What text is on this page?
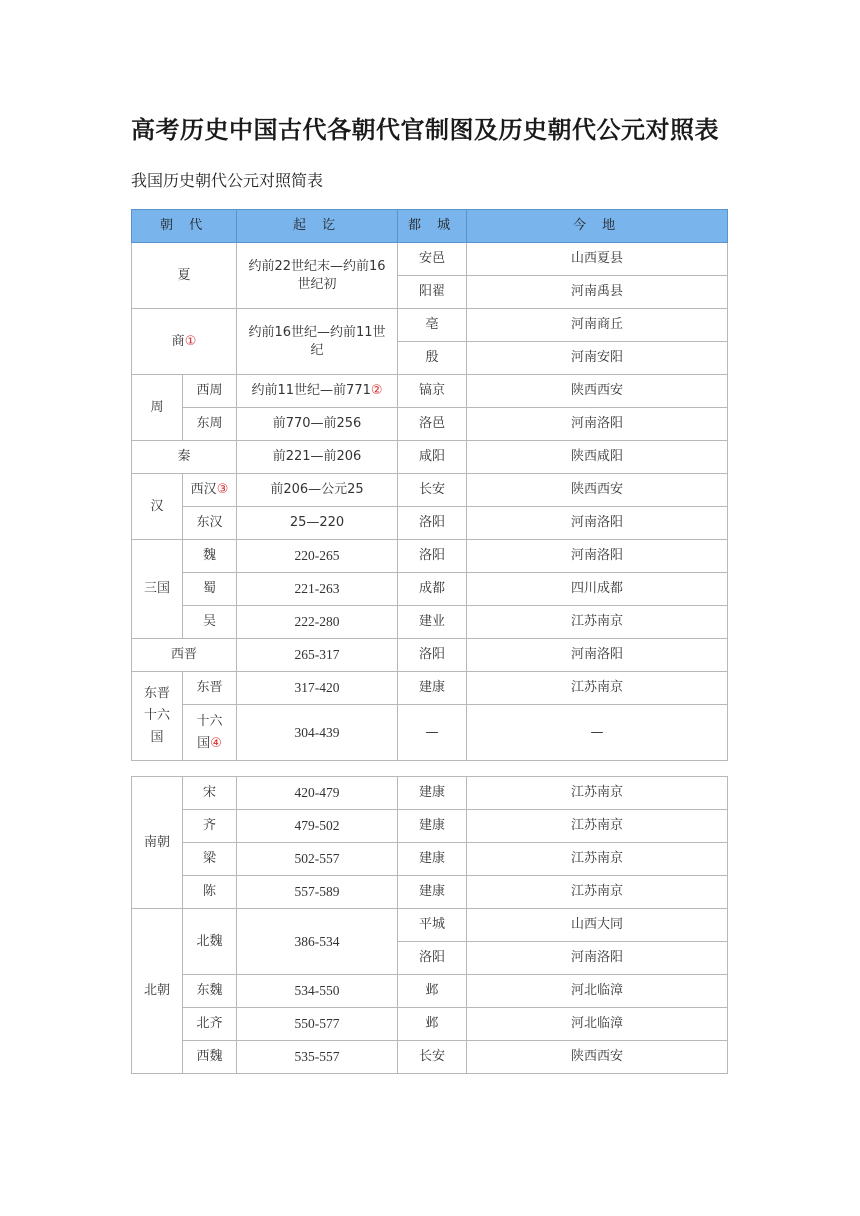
高考历史中国古代各朝代官制图及历史朝代公元对照表
我国历史朝代公元对照简表
朝 代		起 讫	都 城	今 地
夏		约前22世纪末—约前16世纪初	安邑	山西夏县
			阳翟	河南禹县
商①		约前16世纪—约前11世纪	亳	河南商丘
			殷	河南安阳
周	西周	约前11世纪—前771②	镐京	陕西西安
	东周	前770—前256	洛邑	河南洛阳
秦		前221—前206	咸阳	陕西咸阳
汉	西汉③	前206—公元25	长安	陕西西安
	东汉	25—220	洛阳	河南洛阳
三国	魏	220-265	洛阳	河南洛阳
	蜀	221-263	成都	四川成都
	吴	222-280	建业	江苏南京
西晋		265-317	洛阳	河南洛阳
东晋十六国	东晋	317-420	建康	江苏南京
	十六国④	304-439	—	—
南朝	宋	420-479	建康	江苏南京
	齐	479-502	建康	江苏南京
	梁	502-557	建康	江苏南京
	陈	557-589	建康	江苏南京
北朝	北魏	386-534	平城	山西大同
			洛阳	河南洛阳
	东魏	534-550	邺	河北临漳
	北齐	550-577	邺	河北临漳
	西魏	535-557	长安	陕西西安
